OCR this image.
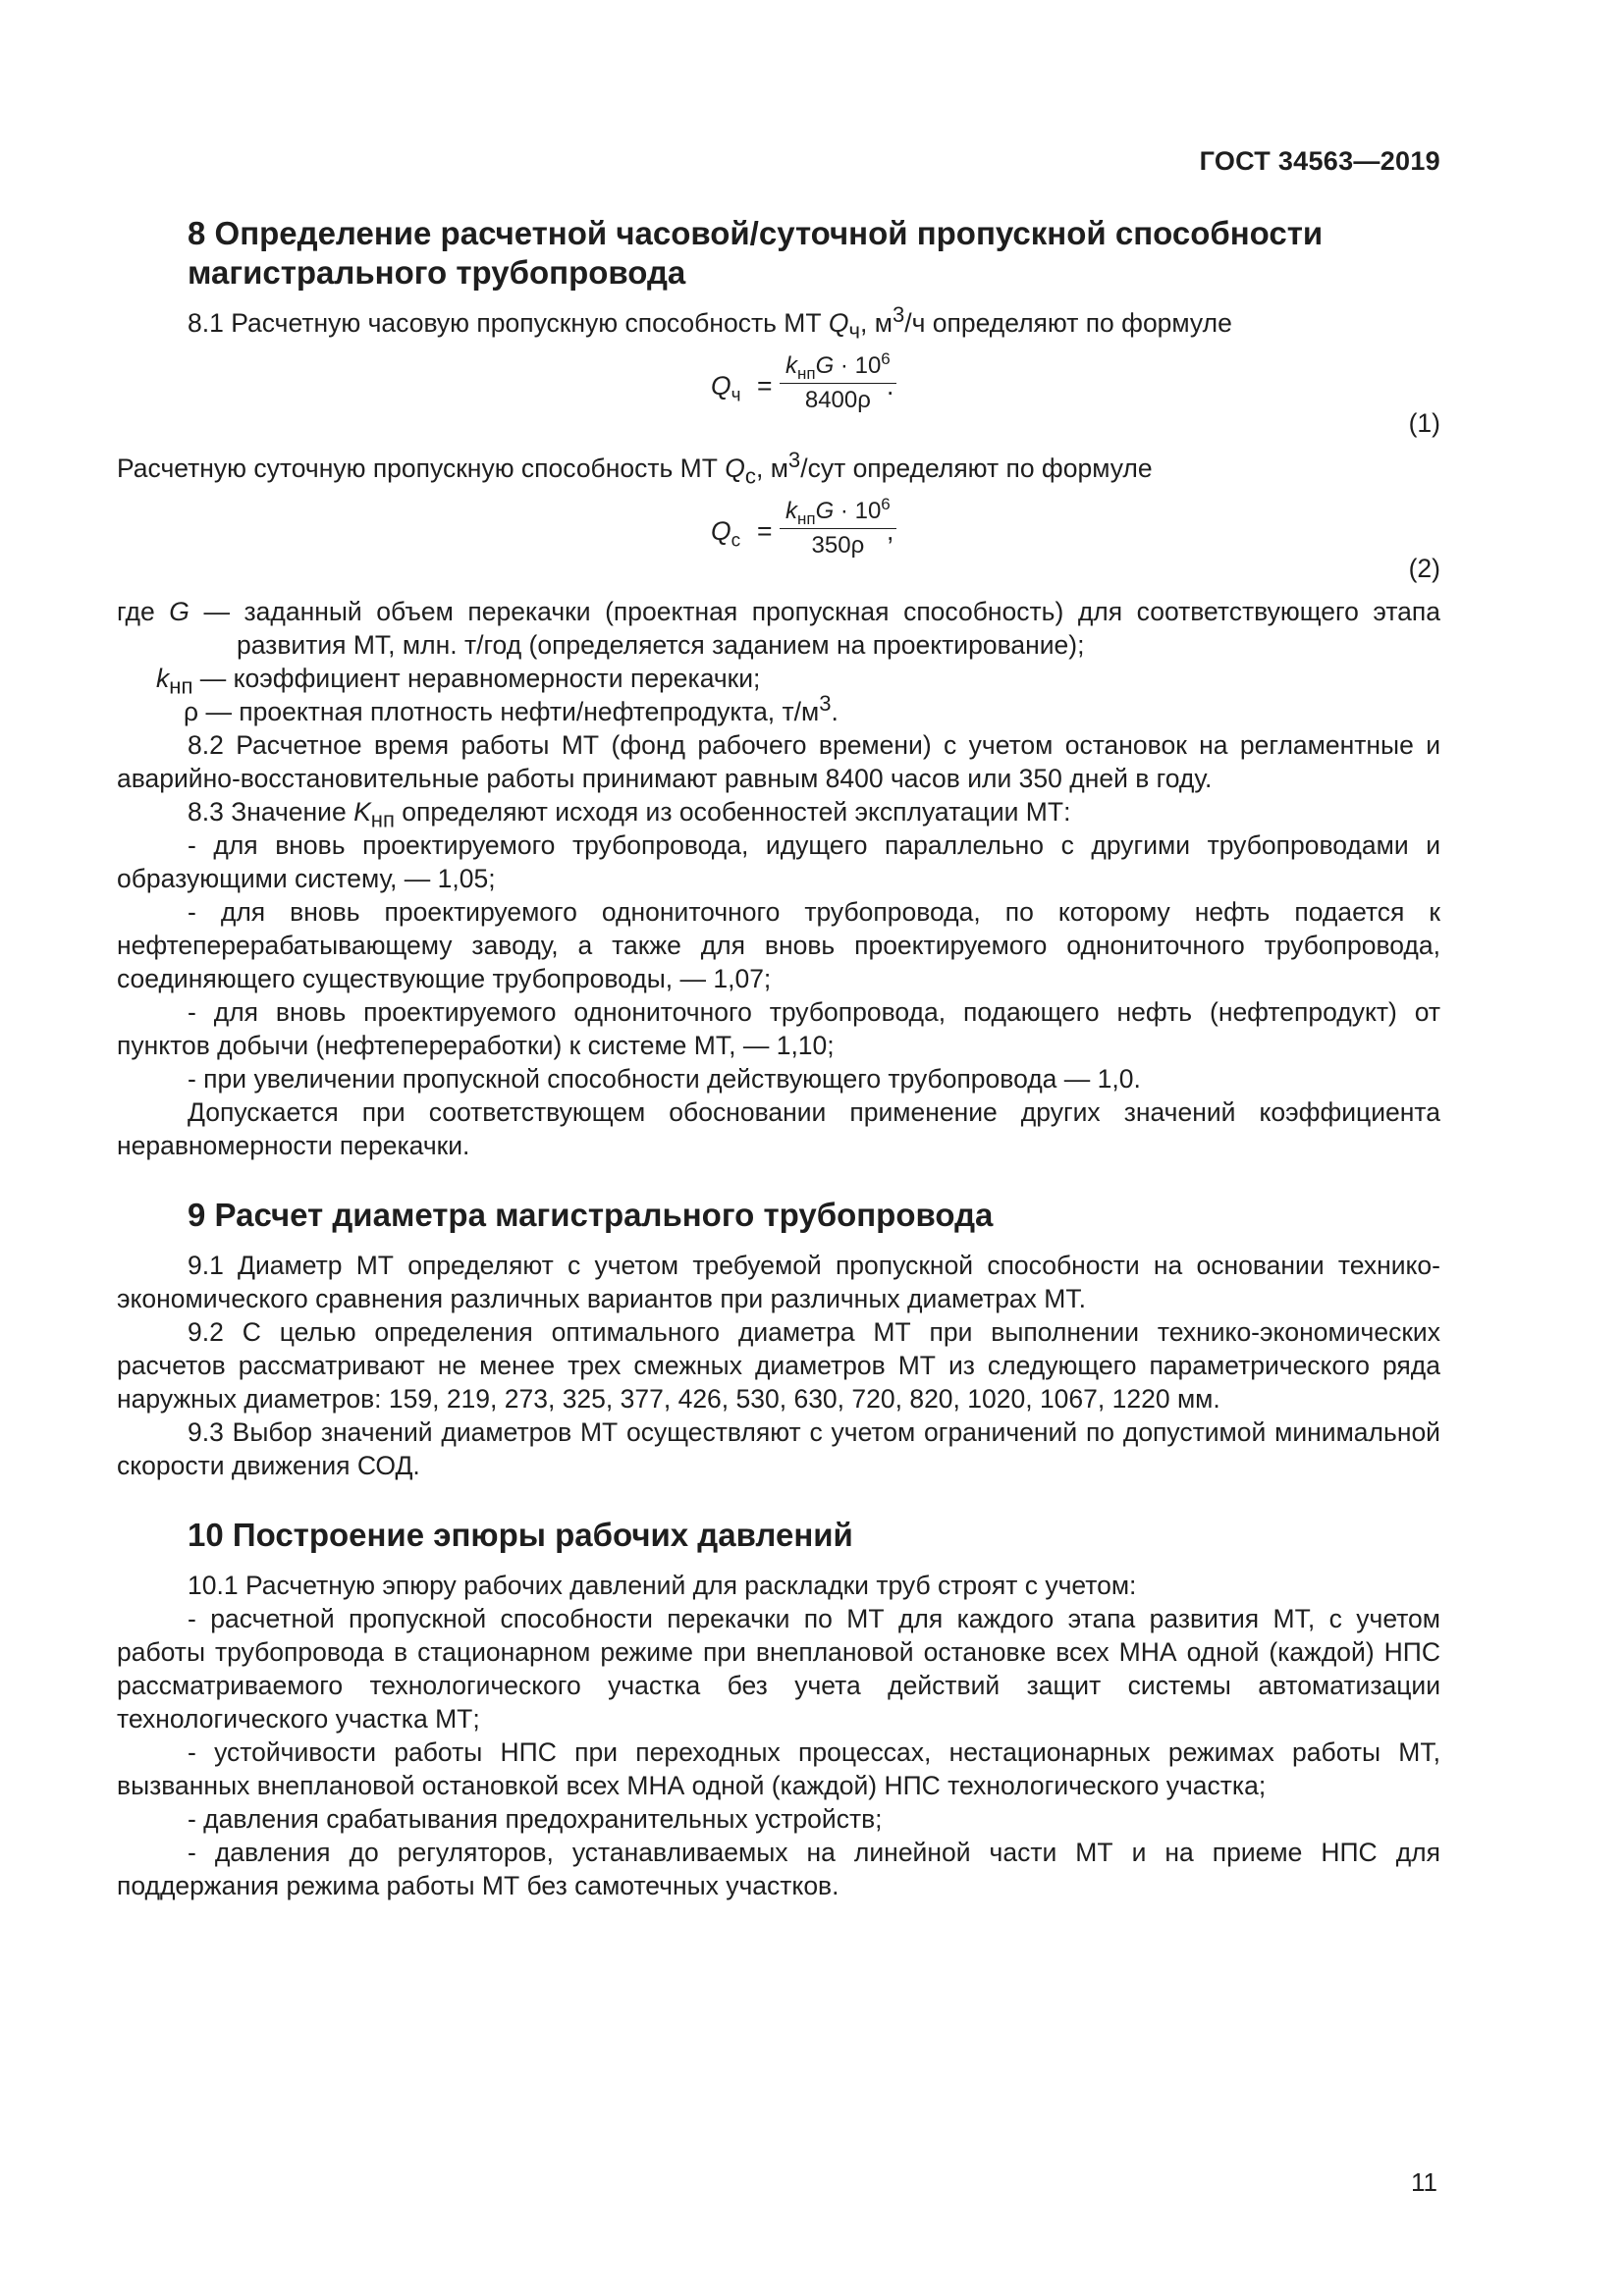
ГОСТ 34563—2019
8 Определение расчетной часовой/суточной пропускной способности магистрального трубопровода

8.1 Расчетную часовую пропускную способность МТ $Q_ч$, $м^3/ч$ определяют по формуле

$Q_ч$ =
$k_{нп}G \cdot 10^6$
8400ρ .
(1)

Расчетную суточную пропускную способность МТ $Q_с$, $м^3$/сут определяют по формуле

$Q_с$ =
$k_{нп}G \cdot 10^6$
350ρ ,
(2)

где G — заданный объем перекачки (проектная пропускная способность) для соответствующего этапа развития МТ, млн. т/год (определяется заданием на проектирование);

$k_{нп}$ — коэффициент неравномерности перекачки;

ρ — проектная плотность нефти/нефтепродукта, $т/м^3$.

8.2 Расчетное время работы МТ (фонд рабочего времени) с учетом остановок на регламентные и аварийно-восстановительные работы принимают равным 8400 часов или 350 дней в году.

8.3 Значение $K_{нп}$ определяют исходя из особенностей эксплуатации МТ:

- для вновь проектируемого трубопровода, идущего параллельно с другими трубопроводами и образующими систему, — 1,05;

- для вновь проектируемого однониточного трубопровода, по которому нефть подается к нефтеперерабатывающему заводу, а также для вновь проектируемого однониточного трубопровода, соединяющего существующие трубопроводы, — 1,07;

- для вновь проектируемого однониточного трубопровода, подающего нефть (нефтепродукт) от пунктов добычи (нефтепереработки) к системе МТ, — 1,10;

- при увеличении пропускной способности действующего трубопровода — 1,0.

Допускается при соответствующем обосновании применение других значений коэффициента неравномерности перекачки.

9 Расчет диаметра магистрального трубопровода

9.1 Диаметр МТ определяют с учетом требуемой пропускной способности на основании технико-экономического сравнения различных вариантов при различных диаметрах МТ.

9.2 С целью определения оптимального диаметра МТ при выполнении технико-экономических расчетов рассматривают не менее трех смежных диаметров МТ из следующего параметрического ряда наружных диаметров: 159, 219, 273, 325, 377, 426, 530, 630, 720, 820, 1020, 1067, 1220 мм.

9.3 Выбор значений диаметров МТ осуществляют с учетом ограничений по допустимой минимальной скорости движения СОД.

10 Построение эпюры рабочих давлений

10.1 Расчетную эпюру рабочих давлений для раскладки труб строят с учетом:

- расчетной пропускной способности перекачки по МТ для каждого этапа развития МТ, с учетом работы трубопровода в стационарном режиме при внеплановой остановке всех МНА одной (каждой) НПС рассматриваемого технологического участка без учета действий защит системы автоматизации технологического участка МТ;

- устойчивости работы НПС при переходных процессах, нестационарных режимах работы МТ, вызванных внеплановой остановкой всех МНА одной (каждой) НПС технологического участка;

- давления срабатывания предохранительных устройств;

- давления до регуляторов, устанавливаемых на линейной части МТ и на приеме НПС для поддержания режима работы МТ без самотечных участков.

11
